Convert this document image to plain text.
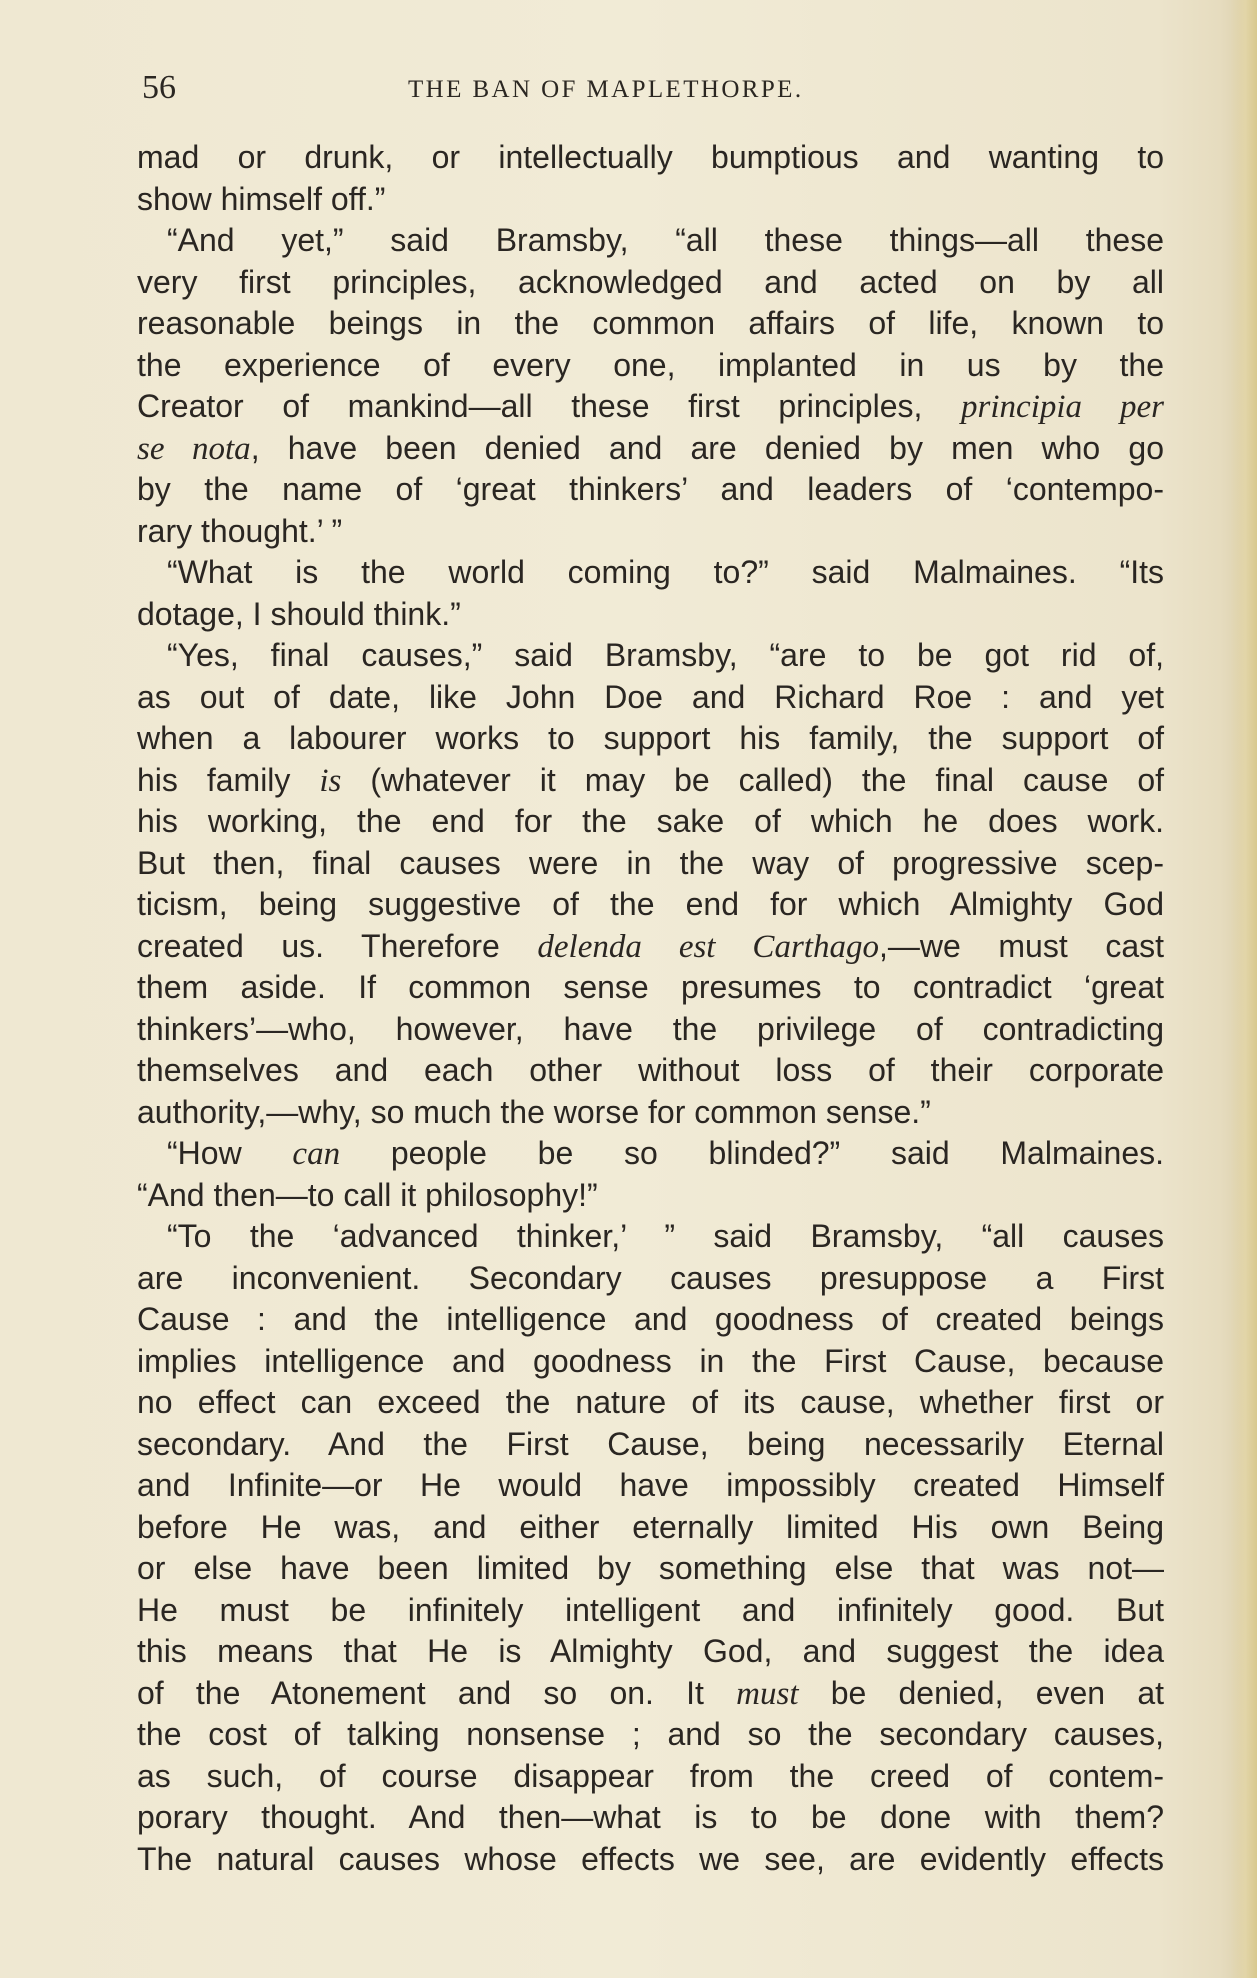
56	THE BAN OF MAPLETHORPE.
mad or drunk, or intellectually bumptious and wanting to
show himself off.”
“And yet,” said Bramsby, “all these things—all these
very first principles, acknowledged and acted on by all
reasonable beings in the common affairs of life, known to
the experience of every one, implanted in us by the
Creator of mankind—all these first principles, principia per
se nota, have been denied and are denied by men who go
by the name of ‘great thinkers’ and leaders of ‘contempo-
rary thought.’ ”
“What is the world coming to?” said Malmaines. “Its
dotage, I should think.”
“Yes, final causes,” said Bramsby, “are to be got rid of,
as out of date, like John Doe and Richard Roe : and yet
when a labourer works to support his family, the support of
his family is (whatever it may be called) the final cause of
his working, the end for the sake of which he does work.
But then, final causes were in the way of progressive scep-
ticism, being suggestive of the end for which Almighty God
created us. Therefore delenda est Carthago,—we must cast
them aside. If common sense presumes to contradict ‘great
thinkers’—who, however, have the privilege of contradicting
themselves and each other without loss of their corporate
authority,—why, so much the worse for common sense.”
“How can people be so blinded?” said Malmaines.
“And then—to call it philosophy!”
“To the ‘advanced thinker,’ ” said Bramsby, “all causes
are inconvenient. Secondary causes presuppose a First
Cause : and the intelligence and goodness of created beings
implies intelligence and goodness in the First Cause, because
no effect can exceed the nature of its cause, whether first or
secondary. And the First Cause, being necessarily Eternal
and Infinite—or He would have impossibly created Himself
before He was, and either eternally limited His own Being
or else have been limited by something else that was not—
He must be infinitely intelligent and infinitely good. But
this means that He is Almighty God, and suggest the idea
of the Atonement and so on. It must be denied, even at
the cost of talking nonsense ; and so the secondary causes,
as such, of course disappear from the creed of contem-
porary thought. And then—what is to be done with them?
The natural causes whose effects we see, are evidently effects
